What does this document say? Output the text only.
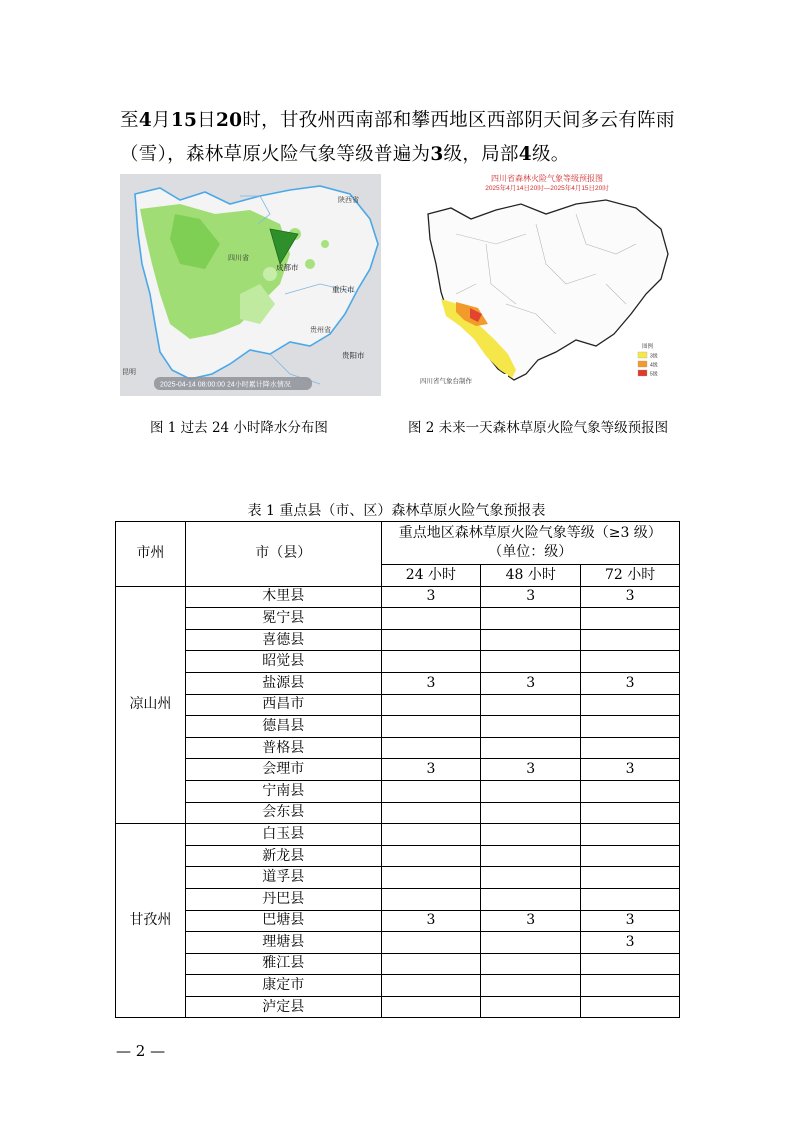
至4月15日20时，甘孜州西南部和攀西地区西部阴天间多云有阵雨（雪），森林草原火险气象等级普遍为3级，局部4级。
陕西省
四川省
成都市
重庆市
贵州省
贵阳市
昆明
2025-04-14 08:00:00 24小时累计降水情况
四川省森林火险气象等级预报图
2025年4月14日20时—2025年4月15日20时
四川省气象台制作
图例
3级
4级
5级
图 1 过去 24 小时降水分布图	图 2 未来一天森林草原火险气象等级预报图
表 1 重点县（市、区）森林草原火险气象预报表
市州	市（县）	重点地区森林草原火险气象等级（≥3 级）
（单位：级）		

		24 小时	48 小时	72 小时
凉山州	木里县	3	3	3
	冕宁县			
	喜德县			
	昭觉县			
	盐源县	3	3	3
	西昌市			
	德昌县			
	普格县			
	会理市	3	3	3
	宁南县			
	会东县			
甘孜州	白玉县			
	新龙县			
	道孚县			
	丹巴县			
	巴塘县	3	3	3
	理塘县			3
	雅江县			
	康定市			
	泸定县			
— 2 —
